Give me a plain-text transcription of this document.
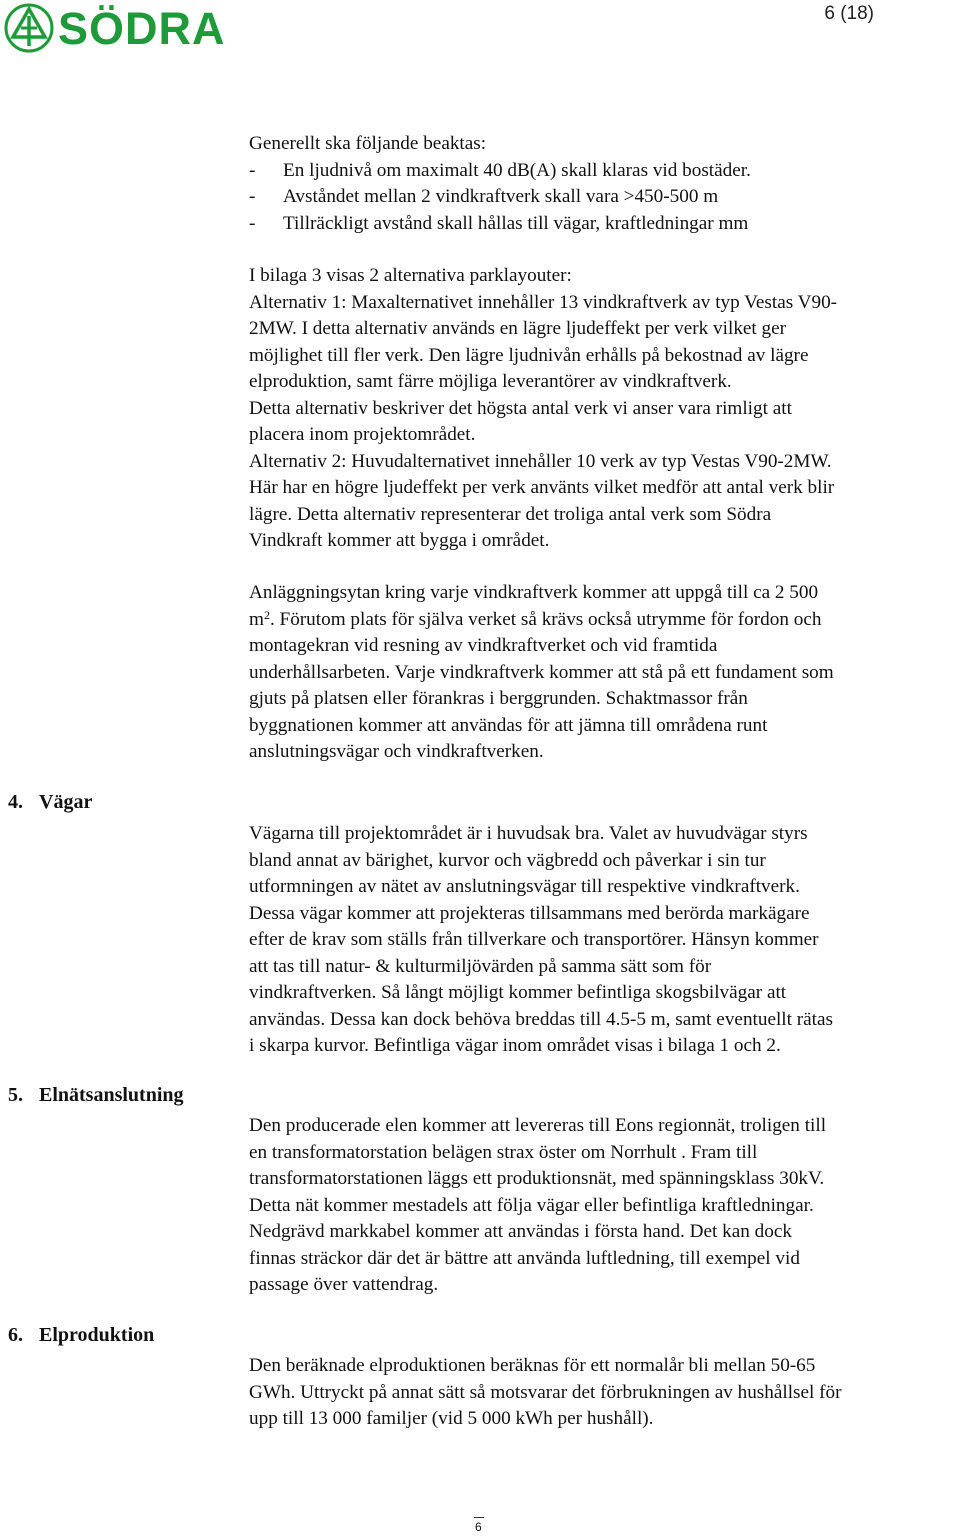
SÖDRA	6 (18)

Generellt ska följande beaktas:

-	En ljudnivå om maximalt 40 dB(A) skall klaras vid bostäder.
-	Avståndet mellan 2 vindkraftverk skall vara >450-500 m
-	Tillräckligt avstånd skall hållas till vägar, kraftledningar mm

I bilaga 3 visas 2 alternativa parklayouter:

Alternativ 1: Maxalternativet innehåller 13 vindkraftverk av typ Vestas V90-

2MW. I detta alternativ används en lägre ljudeffekt per verk vilket ger

möjlighet till fler verk. Den lägre ljudnivån erhålls på bekostnad av lägre

elproduktion, samt färre möjliga leverantörer av vindkraftverk.

Detta alternativ beskriver det högsta antal verk vi anser vara rimligt att

placera inom projektområdet.

Alternativ 2: Huvudalternativet innehåller 10 verk av typ Vestas V90-2MW.

Här har en högre ljudeffekt per verk använts vilket medför att antal verk blir

lägre. Detta alternativ representerar det troliga antal verk som Södra

Vindkraft kommer att bygga i området.

Anläggningsytan kring varje vindkraftverk kommer att uppgå till ca 2 500

$m^2$. Förutom plats för själva verket så krävs också utrymme för fordon och

montagekran vid resning av vindkraftverket och vid framtida

underhållsarbeten. Varje vindkraftverk kommer att stå på ett fundament som

gjuts på platsen eller förankras i berggrunden. Schaktmassor från

byggnationen kommer att användas för att jämna till områdena runt

anslutningsvägar och vindkraftverken.

4. Vägar

Vägarna till projektområdet är i huvudsak bra. Valet av huvudvägar styrs

bland annat av bärighet, kurvor och vägbredd och påverkar i sin tur

utformningen av nätet av anslutningsvägar till respektive vindkraftverk.

Dessa vägar kommer att projekteras tillsammans med berörda markägare

efter de krav som ställs från tillverkare och transportörer. Hänsyn kommer

att tas till natur- & kulturmiljövärden på samma sätt som för

vindkraftverken. Så långt möjligt kommer befintliga skogsbilvägar att

användas. Dessa kan dock behöva breddas till 4.5-5 m, samt eventuellt rätas

i skarpa kurvor. Befintliga vägar inom området visas i bilaga 1 och 2.

5. Elnätsanslutning

Den producerade elen kommer att levereras till Eons regionnät, troligen till

en transformatorstation belägen strax öster om Norrhult . Fram till

transformatorstationen läggs ett produktionsnät, med spänningsklass 30kV.

Detta nät kommer mestadels att följa vägar eller befintliga kraftledningar.

Nedgrävd markkabel kommer att användas i första hand. Det kan dock

finnas sträckor där det är bättre att använda luftledning, till exempel vid

passage över vattendrag.

6. Elproduktion

Den beräknade elproduktionen beräknas för ett normalår bli mellan 50-65

GWh. Uttryckt på annat sätt så motsvarar det förbrukningen av hushållsel för

upp till 13 000 familjer (vid 5 000 kWh per hushåll).

6
